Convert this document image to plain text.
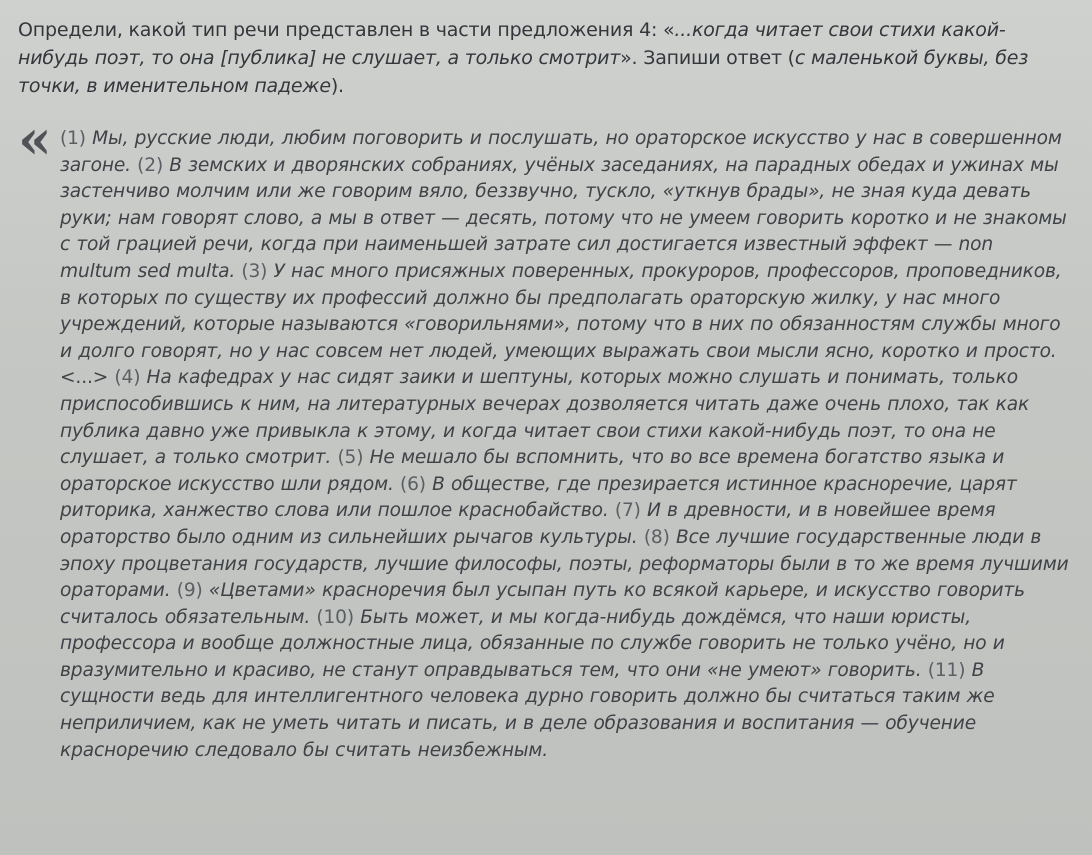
Определи, какой тип речи представлен в части предложения 4: «...когда читает свои стихи какой-нибудь поэт, то она [публика] не слушает, а только смотрит». Запиши ответ (с маленькой буквы, без точки, в именительном падеже).

« (1) Мы, русские люди, любим поговорить и послушать, но ораторское искусство у нас в совершенном загоне. (2) В земских и дворянских собраниях, учёных заседаниях, на парадных обедах и ужинах мы застенчиво молчим или же говорим вяло, беззвучно, тускло, «уткнув брады», не зная куда девать руки; нам говорят слово, а мы в ответ — десять, потому что не умеем говорить коротко и не знакомы с той грацией речи, когда при наименьшей затрате сил достигается известный эффект — non multum sed multa. (3) У нас много присяжных поверенных, прокуроров, профессоров, проповедников, в которых по существу их профессий должно бы предполагать ораторскую жилку, у нас много учреждений, которые называются «говорильнями», потому что в них по обязанностям службы много и долго говорят, но у нас совсем нет людей, умеющих выражать свои мысли ясно, коротко и просто. <...> (4) На кафедрах у нас сидят заики и шептуны, которых можно слушать и понимать, только приспособившись к ним, на литературных вечерах дозволяется читать даже очень плохо, так как публика давно уже привыкла к этому, и когда читает свои стихи какой-нибудь поэт, то она не слушает, а только смотрит. (5) Не мешало бы вспомнить, что во все времена богатство языка и ораторское искусство шли рядом. (6) В обществе, где презирается истинное красноречие, царят риторика, ханжество слова или пошлое краснобайство. (7) И в древности, и в новейшее время ораторство было одним из сильнейших рычагов культуры. (8) Все лучшие государственные люди в эпоху процветания государств, лучшие философы, поэты, реформаторы были в то же время лучшими ораторами. (9) «Цветами» красноречия был усыпан путь ко всякой карьере, и искусство говорить считалось обязательным. (10) Быть может, и мы когда-нибудь дождёмся, что наши юристы, профессора и вообще должностные лица, обязанные по службе говорить не только учёно, но и вразумительно и красиво, не станут оправдываться тем, что они «не умеют» говорить. (11) В сущности ведь для интеллигентного человека дурно говорить должно бы считаться таким же неприличием, как не уметь читать и писать, и в деле образования и воспитания — обучение красноречию следовало бы считать неизбежным.
